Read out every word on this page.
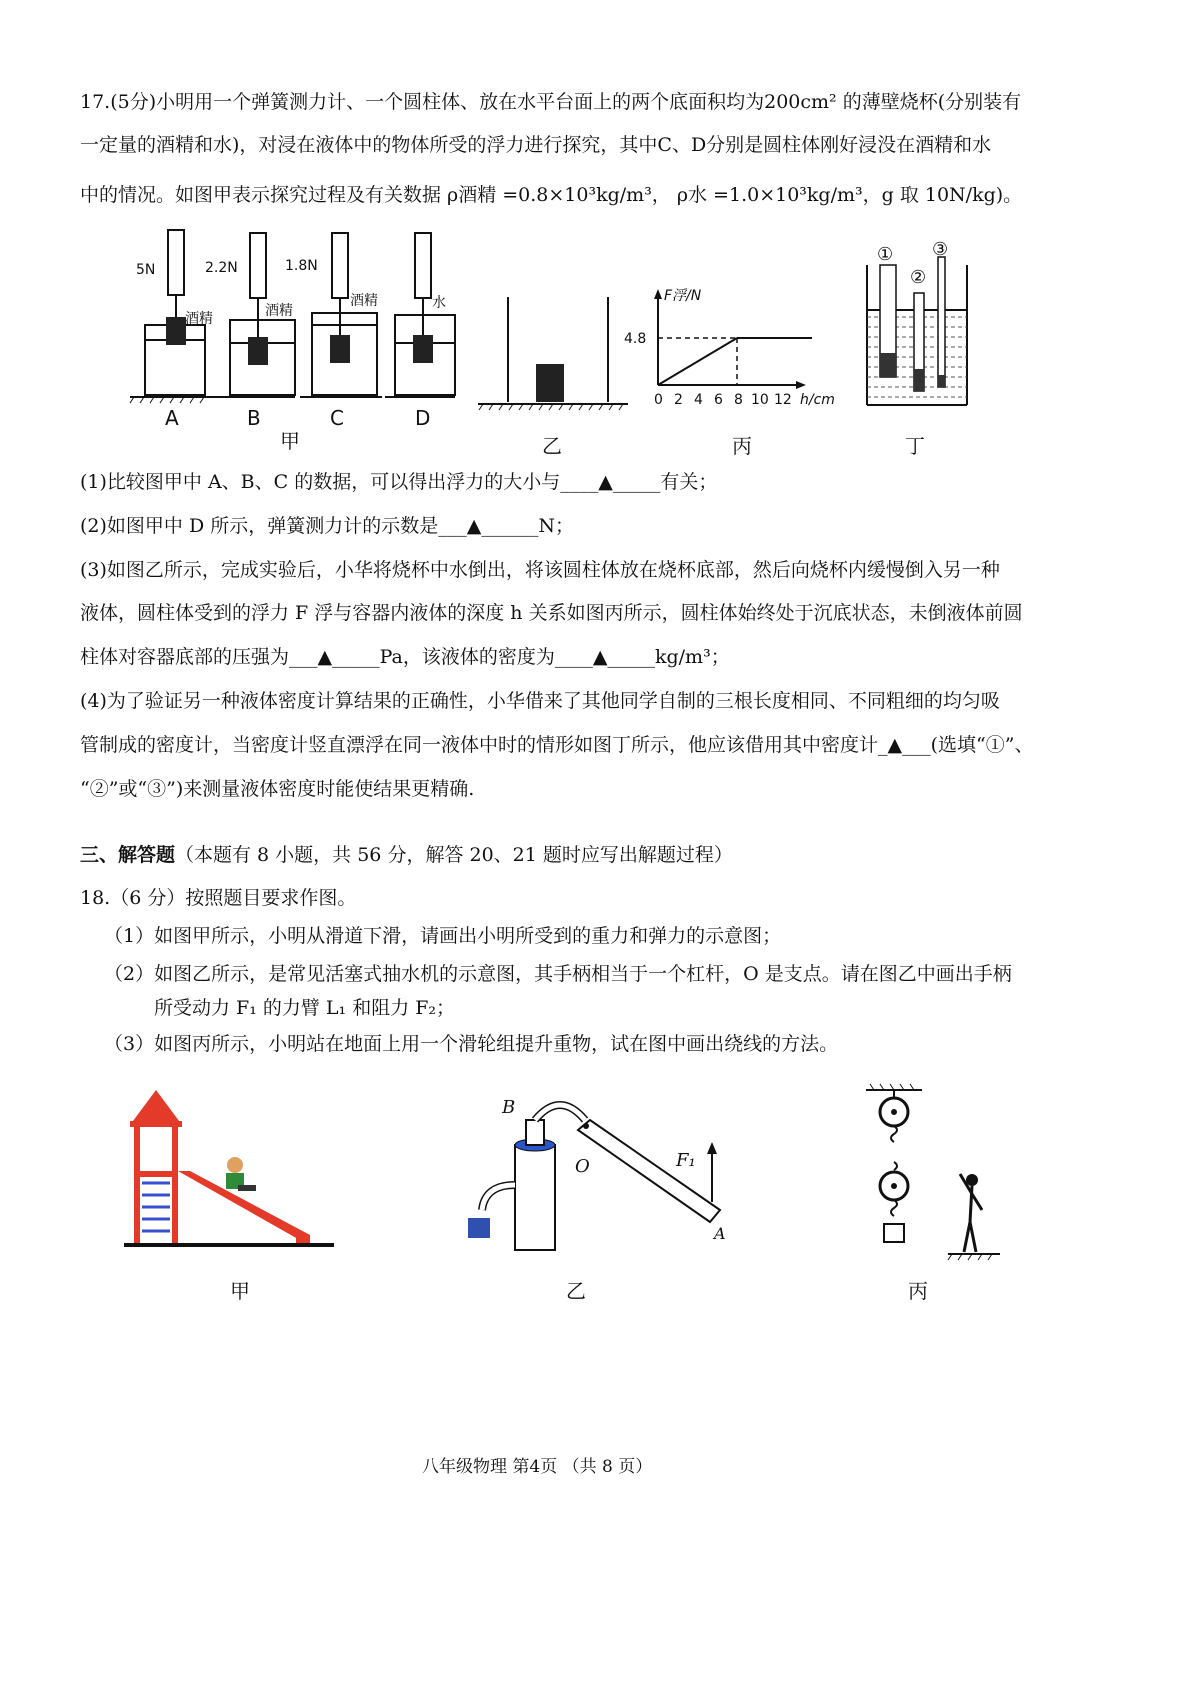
17.(5分)小明用一个弹簧测力计、一个圆柱体、放在水平台面上的两个底面积均为200cm² 的薄壁烧杯(分别装有
一定量的酒精和水)，对浸在液体中的物体所受的浮力进行探究，其中C、D分别是圆柱体刚好浸没在酒精和水
中的情况。如图甲表示探究过程及有关数据 ρ酒精 =0.8×10³kg/m³， ρ水 =1.0×10³kg/m³，g 取 10N/kg)。
5N	2.2N	1.8N
酒精	酒精
酒精	水
A	B	C	D
甲	乙
F浮/N
4.8
0 2 4 6 8 10 12 h/cm
丙
①
②
③
丁
(1)比较图甲中 A、B、C 的数据，可以得出浮力的大小与____▲_____有关；
(2)如图甲中 D 所示，弹簧测力计的示数是___▲______N；
(3)如图乙所示，完成实验后，小华将烧杯中水倒出，将该圆柱体放在烧杯底部，然后向烧杯内缓慢倒入另一种
液体，圆柱体受到的浮力 F 浮与容器内液体的深度 h 关系如图丙所示，圆柱体始终处于沉底状态，未倒液体前圆
柱体对容器底部的压强为___▲_____Pa，该液体的密度为____▲_____kg/m³；
(4)为了验证另一种液体密度计算结果的正确性，小华借来了其他同学自制的三根长度相同、不同粗细的均匀吸
管制成的密度计，当密度计竖直漂浮在同一液体中时的情形如图丁所示，他应该借用其中密度计_▲___(选填“①”、
“②”或“③”)来测量液体密度时能使结果更精确.
三、解答题（本题有 8 小题，共 56 分，解答 20、21 题时应写出解题过程）
18.（6 分）按照题目要求作图。
（1）如图甲所示，小明从滑道下滑，请画出小明所受到的重力和弹力的示意图；
（2）如图乙所示，是常见活塞式抽水机的示意图，其手柄相当于一个杠杆，O 是支点。请在图乙中画出手柄
所受动力 F₁ 的力臂 L₁ 和阻力 F₂；
（3）如图丙所示，小明站在地面上用一个滑轮组提升重物，试在图中画出绕线的方法。
甲
B
O	F₁
A
乙	丙
八年级物理 第4页 （共 8 页）
